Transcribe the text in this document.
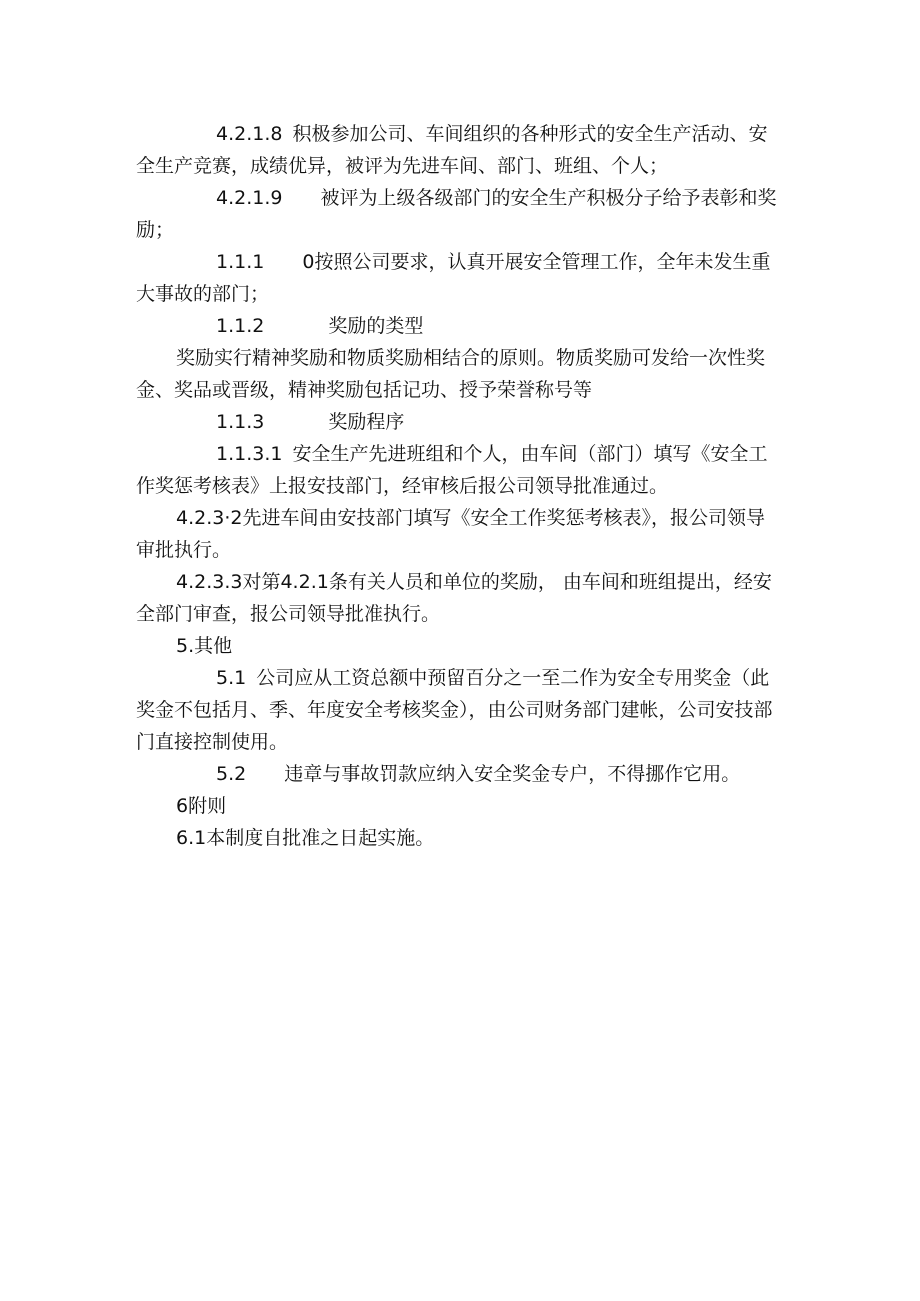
4.2.1.8 积极参加公司、车间组织的各种形式的安全生产活动、安全生产竞赛，成绩优异，被评为先进车间、部门、班组、个人；

4.2.1.9 被评为上级各级部门的安全生产积极分子给予表彰和奖励；

1.1.1 0按照公司要求，认真开展安全管理工作，全年未发生重大事故的部门；

1.1.2	奖励的类型

奖励实行精神奖励和物质奖励相结合的原则。物质奖励可发给一次性奖金、奖品或晋级，精神奖励包括记功、授予荣誉称号等

1.1.3	奖励程序

1.1.3.1 安全生产先进班组和个人，由车间（部门）填写《安全工作奖惩考核表》上报安技部门，经审核后报公司领导批准通过。

4.2.3·2先进车间由安技部门填写《安全工作奖惩考核表》，报公司领导审批执行。

4.2.3.3对第4.2.1条有关人员和单位的奖励， 由车间和班组提出，经安全部门审查，报公司领导批准执行。

5.其他

5.1 公司应从工资总额中预留百分之一至二作为安全专用奖金（此奖金不包括月、季、年度安全考核奖金），由公司财务部门建帐，公司安技部门直接控制使用。

5.2 违章与事故罚款应纳入安全奖金专户，不得挪作它用。

6附则

6.1本制度自批准之日起实施。
